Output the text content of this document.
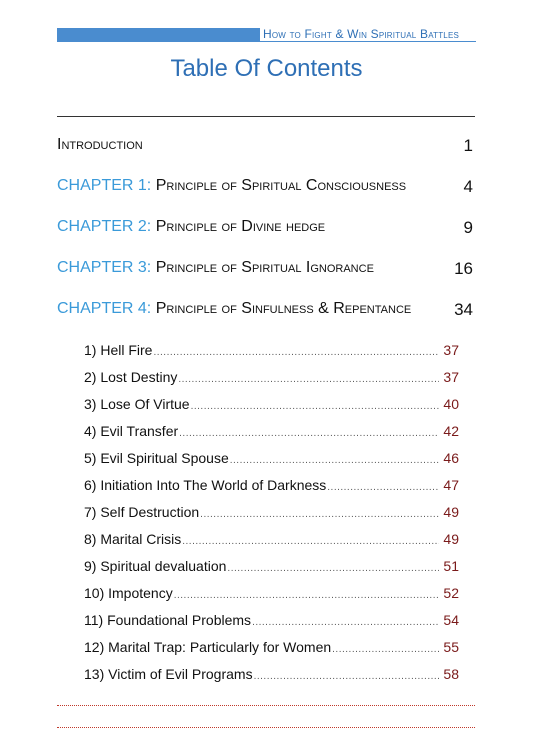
How to Fight & Win Spiritual Battles
Table Of Contents
Introduction	1
CHAPTER 1: Principle of Spiritual Consciousness	4
CHAPTER 2: Principle of Divine hedge	9
CHAPTER 3: Principle of Spiritual Ignorance	16
CHAPTER 4: Principle of Sinfulness & Repentance	34
1) Hell Fire .....	37
2) Lost Destiny .....	37
3) Lose Of Virtue .....	40
4) Evil Transfer .....	42
5) Evil Spiritual Spouse .....	46
6) Initiation Into The World of Darkness .....	47
7) Self Destruction .....	49
8) Marital Crisis .....	49
9) Spiritual devaluation .....	51
10) Impotency .....	52
11) Foundational Problems .....	54
12) Marital Trap: Particularly for Women .....	55
13) Victim of Evil Programs .....	58
